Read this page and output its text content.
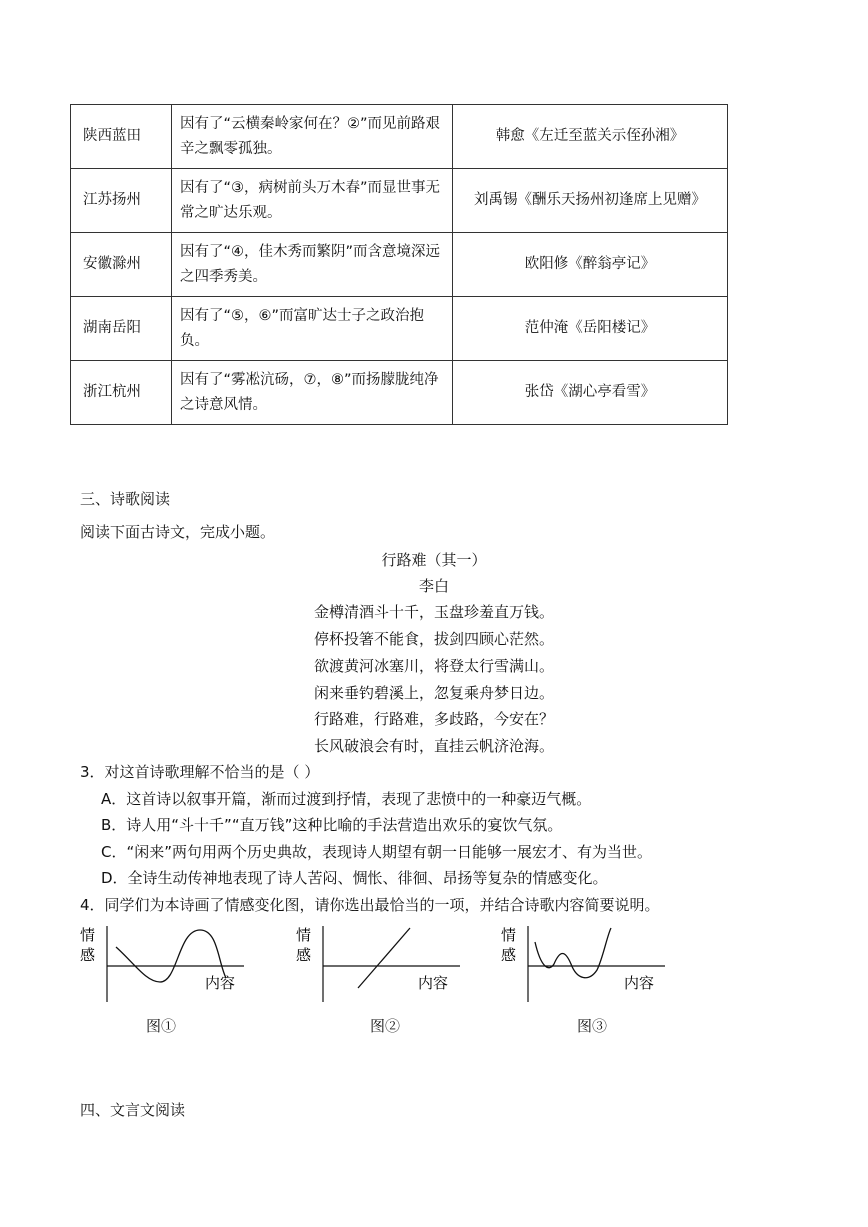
陕西蓝田	因有了“云横秦岭家何在？②”而见前路艰辛之飘零孤独。	韩愈《左迁至蓝关示侄孙湘》
江苏扬州	因有了“③，病树前头万木春”而显世事无常之旷达乐观。	刘禹锡《酬乐天扬州初逢席上见赠》
安徽滁州	因有了“④，佳木秀而繁阴”而含意境深远之四季秀美。	欧阳修《醉翁亭记》
湖南岳阳	因有了“⑤，⑥”而富旷达士子之政治抱负。	范仲淹《岳阳楼记》
浙江杭州	因有了“雾凇沆砀，⑦，⑧”而扬朦胧纯净之诗意风情。	张岱《湖心亭看雪》
三、诗歌阅读
阅读下面古诗文，完成小题。
行路难（其一）
李白
金樽清酒斗十千，玉盘珍羞直万钱。
停杯投箸不能食，拔剑四顾心茫然。
欲渡黄河冰塞川，将登太行雪满山。
闲来垂钓碧溪上，忽复乘舟梦日边。
行路难，行路难，多歧路，今安在？
长风破浪会有时，直挂云帆济沧海。
3．对这首诗歌理解不恰当的是（ ）
A．这首诗以叙事开篇，渐而过渡到抒情，表现了悲愤中的一种豪迈气概。
B．诗人用“斗十千”“直万钱”这种比喻的手法营造出欢乐的宴饮气氛。
C．“闲来”两句用两个历史典故，表现诗人期望有朝一日能够一展宏才、有为当世。
D．全诗生动传神地表现了诗人苦闷、惆怅、徘徊、昂扬等复杂的情感变化。
4．同学们为本诗画了情感变化图，请你选出最恰当的一项，并结合诗歌内容简要说明。
情
感
内容
图①
情
感
内容
图②
情
感
内容
图③
四、文言文阅读
